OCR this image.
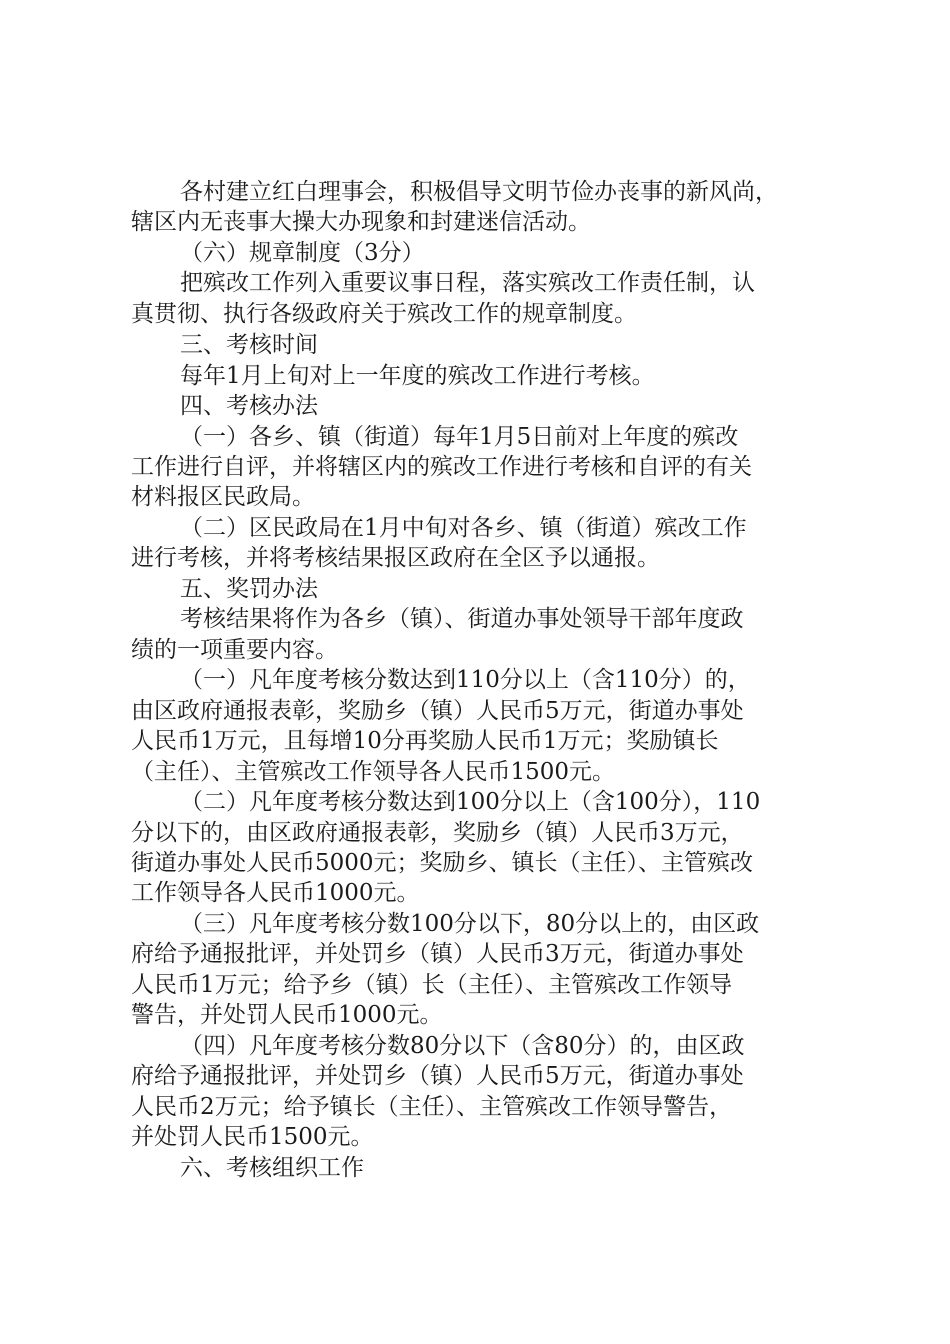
各村建立红白理事会，积极倡导文明节俭办丧事的新风尚，
辖区内无丧事大操大办现象和封建迷信活动。
（六）规章制度（3分）
把殡改工作列入重要议事日程，落实殡改工作责任制，认
真贯彻、执行各级政府关于殡改工作的规章制度。
三、考核时间
每年1月上旬对上一年度的殡改工作进行考核。
四、考核办法
（一）各乡、镇（街道）每年1月5日前对上年度的殡改
工作进行自评，并将辖区内的殡改工作进行考核和自评的有关
材料报区民政局。
（二）区民政局在1月中旬对各乡、镇（街道）殡改工作
进行考核，并将考核结果报区政府在全区予以通报。
五、奖罚办法
考核结果将作为各乡（镇）、街道办事处领导干部年度政
绩的一项重要内容。
（一）凡年度考核分数达到110分以上（含110分）的，
由区政府通报表彰，奖励乡（镇）人民币5万元，街道办事处
人民币1万元，且每增10分再奖励人民币1万元；奖励镇长
（主任）、主管殡改工作领导各人民币1500元。
（二）凡年度考核分数达到100分以上（含100分），110
分以下的，由区政府通报表彰，奖励乡（镇）人民币3万元，
街道办事处人民币5000元；奖励乡、镇长（主任）、主管殡改
工作领导各人民币1000元。
（三）凡年度考核分数100分以下，80分以上的，由区政
府给予通报批评，并处罚乡（镇）人民币3万元，街道办事处
人民币1万元；给予乡（镇）长（主任）、主管殡改工作领导
警告，并处罚人民币1000元。
（四）凡年度考核分数80分以下（含80分）的，由区政
府给予通报批评，并处罚乡（镇）人民币5万元，街道办事处
人民币2万元；给予镇长（主任）、主管殡改工作领导警告，
并处罚人民币1500元。
六、考核组织工作
